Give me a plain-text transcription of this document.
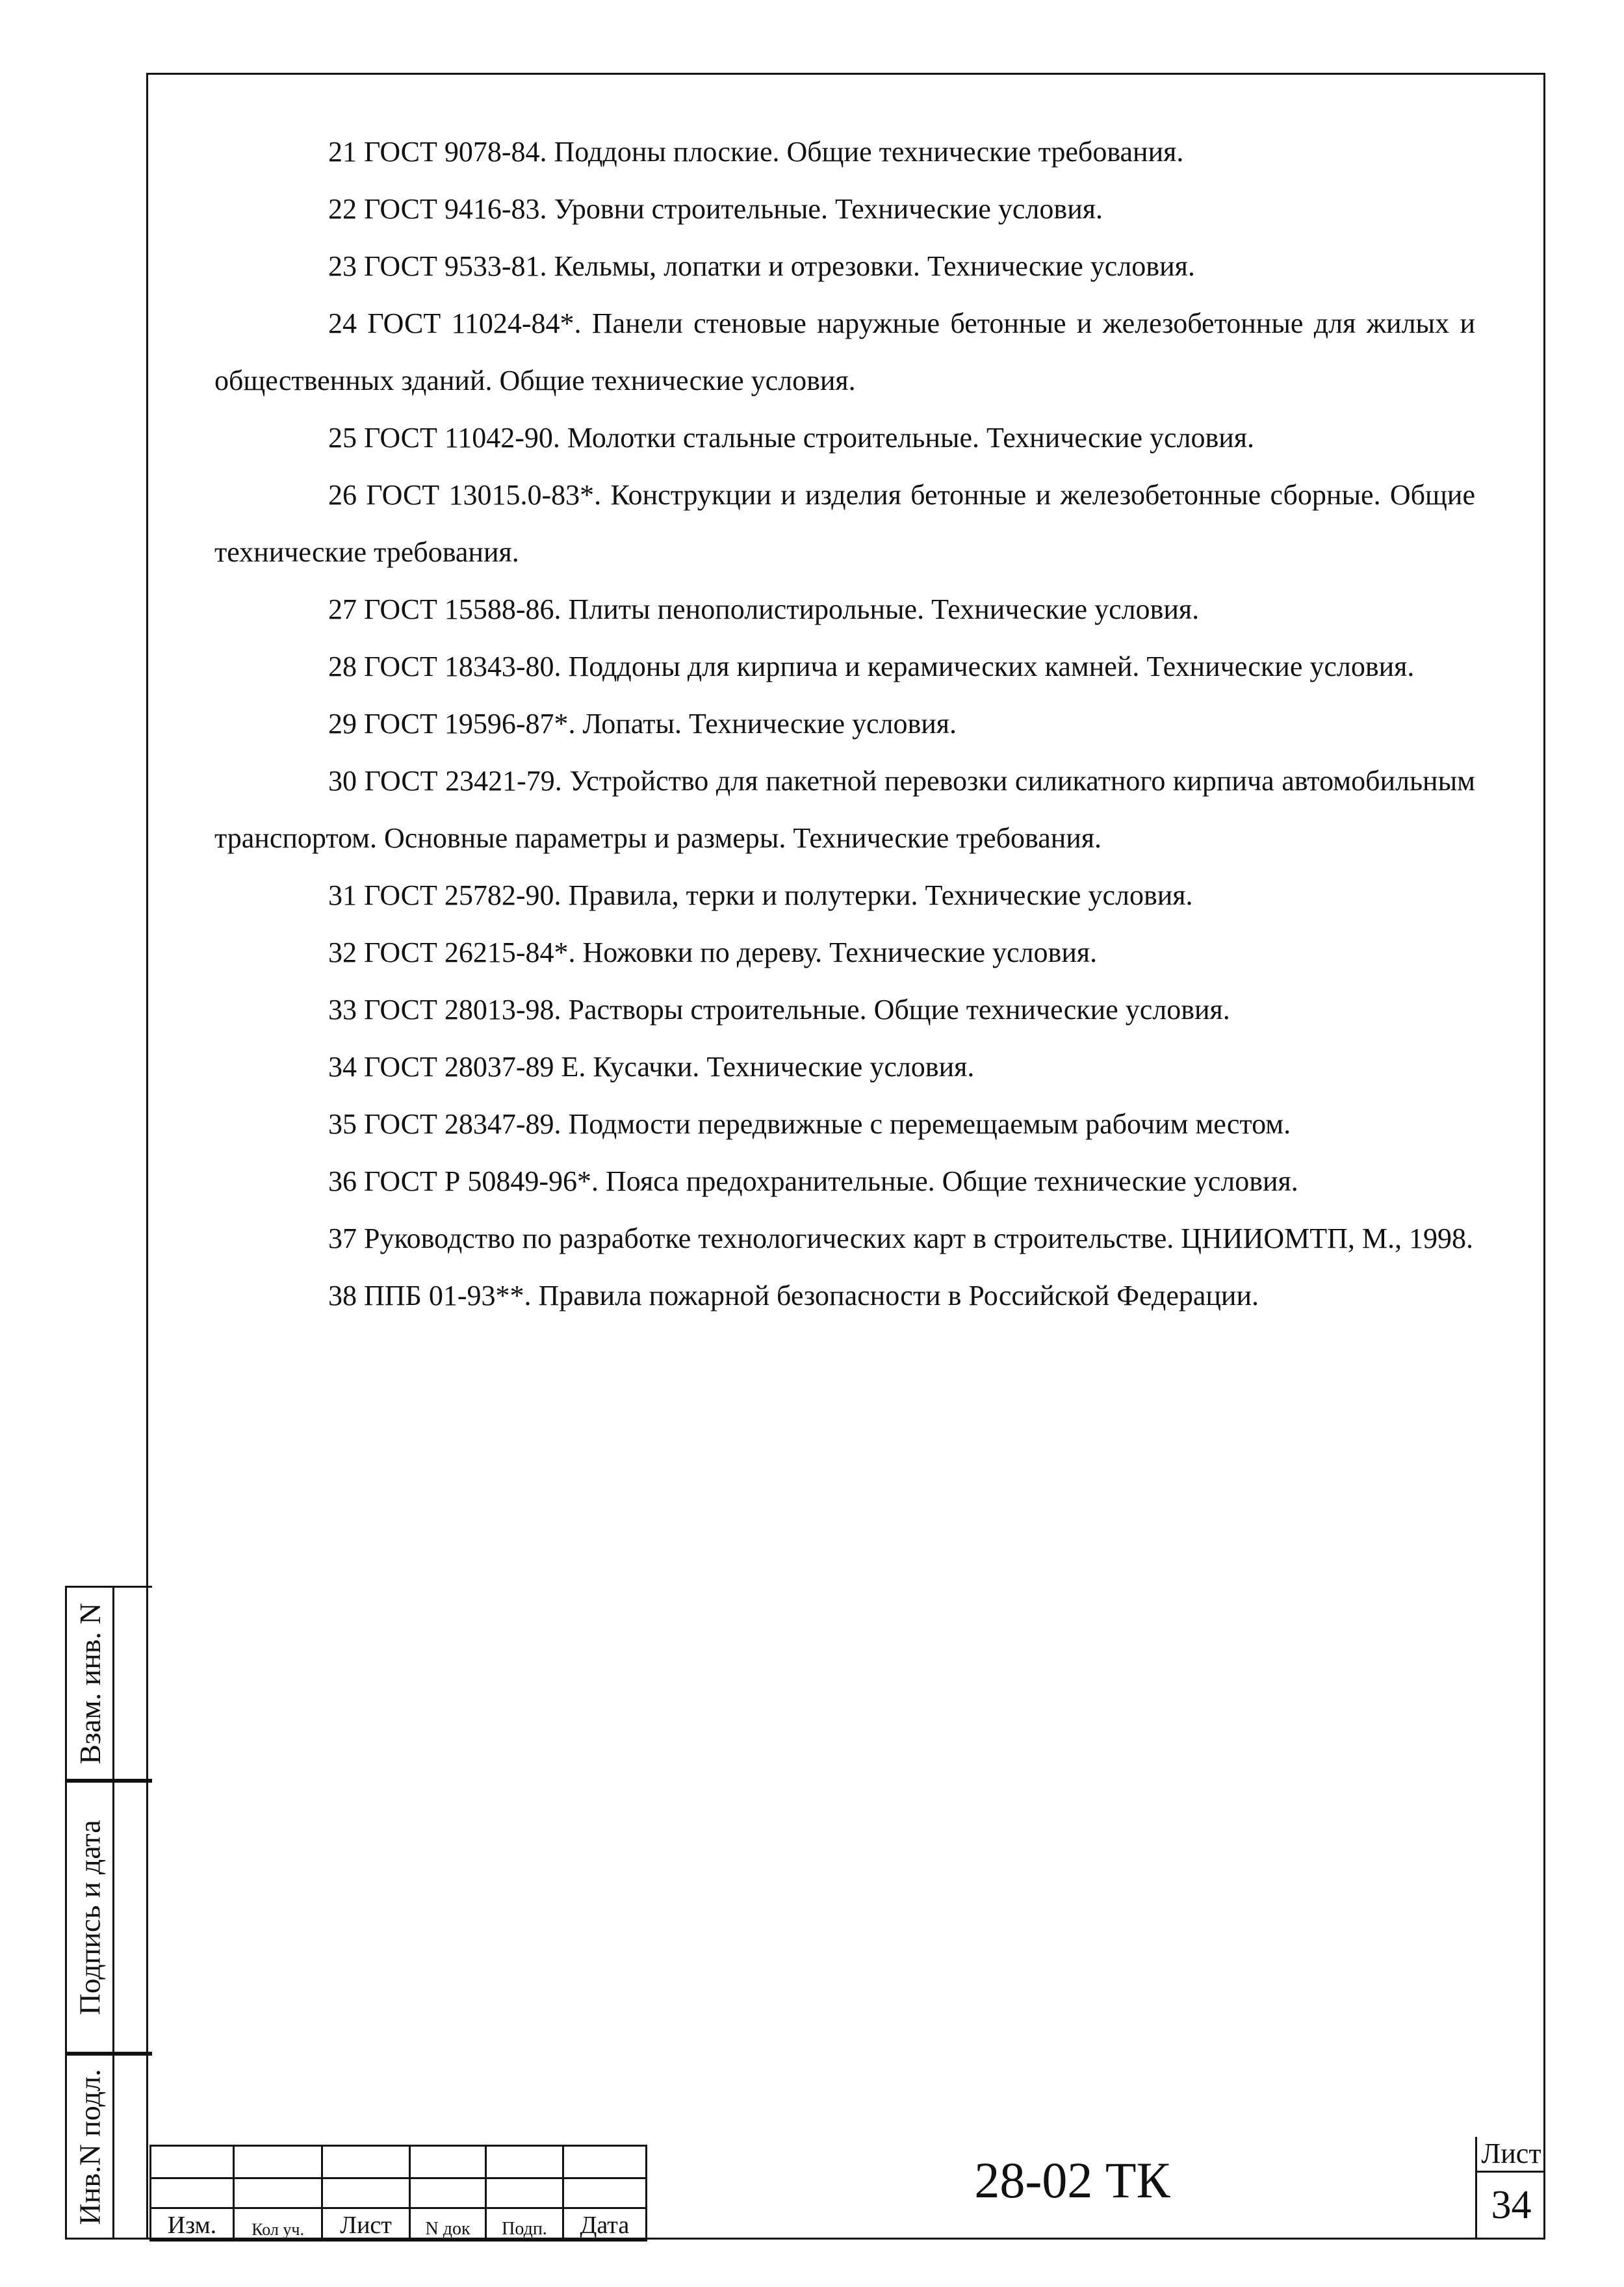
21 ГОСТ 9078-84. Поддоны плоские. Общие технические требования.

22 ГОСТ 9416-83. Уровни строительные. Технические условия.

23 ГОСТ 9533-81. Кельмы, лопатки и отрезовки. Технические условия.

24 ГОСТ 11024-84*. Панели стеновые наружные бетонные и железобетонные для жилых и общественных зданий. Общие технические условия.

25 ГОСТ 11042-90. Молотки стальные строительные. Технические условия.

26 ГОСТ 13015.0-83*. Конструкции и изделия бетонные и железобетонные сборные. Общие технические требования.

27 ГОСТ 15588-86. Плиты пенополистирольные. Технические условия.

28 ГОСТ 18343-80. Поддоны для кирпича и керамических камней. Технические условия.

29 ГОСТ 19596-87*. Лопаты. Технические условия.

30 ГОСТ 23421-79. Устройство для пакетной перевозки силикатного кирпича автомобильным транспортом. Основные параметры и размеры. Технические требования.

31 ГОСТ 25782-90. Правила, терки и полутерки. Технические условия.

32 ГОСТ 26215-84*. Ножовки по дереву. Технические условия.

33 ГОСТ 28013-98. Растворы строительные. Общие технические условия.

34 ГОСТ 28037-89 Е. Кусачки. Технические условия.

35 ГОСТ 28347-89. Подмости передвижные с перемещаемым рабочим местом.

36 ГОСТ Р 50849-96*. Пояса предохранительные. Общие технические условия.

37 Руководство по разработке технологических карт в строительстве. ЦНИИОМТП, М., 1998.

38 ППБ 01-93**. Правила пожарной безопасности в Российской Федерации.

Взам. инв. N
Подпись и дата
Инв.N подл.

Изм.	Кол уч.	Лист	N док	Подп.	Дата
28-02 ТК	Лист
34
